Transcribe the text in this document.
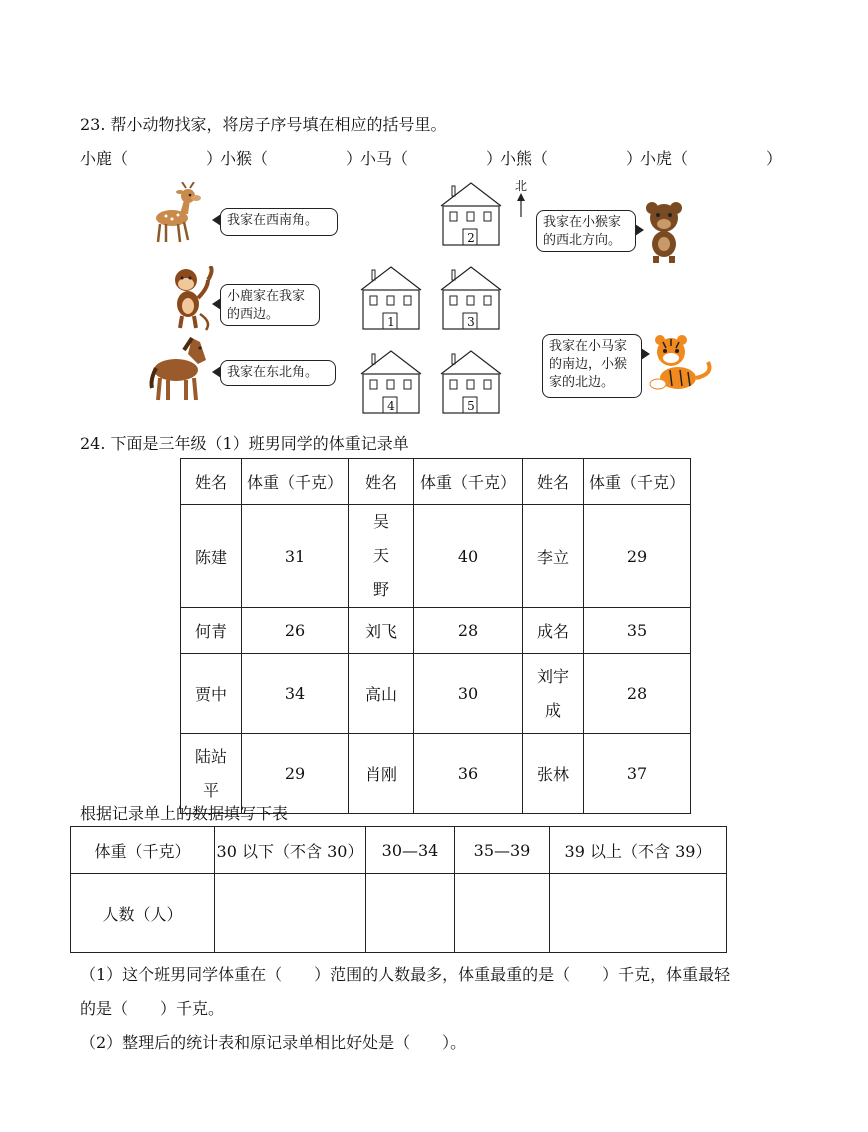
23. 帮小动物找家，将房子序号填在相应的括号里。
小鹿（	）
小猴（	）
小马（	）
小熊（	）
小虎（	）
我家在西南角。
小鹿家在我家的西边。
我家在东北角。
2
1	3
4	5
北
我家在小猴家的西北方向。
我家在小马家的南边，小猴家的北边。
24. 下面是三年级（1）班男同学的体重记录单
姓名	体重（千克）	姓名	体重（千克）	姓名	体重（千克）
陈建	31	吴天野	40	李立	29
何青	26	刘飞	28	成名	35
贾中	34	高山	30	刘宇成	28

陆站平	29	肖刚	36	张林	37
根据记录单上的数据填写下表
体重（千克）	30 以下（不含 30）	30—34	35—39	39 以上（不含 39）
人数（人）				
（1）这个班男同学体重在（　　）范围的人数最多，体重最重的是（　　）千克，体重最轻
的是（　　）千克。
（2）整理后的统计表和原记录单相比好处是（　　）。
